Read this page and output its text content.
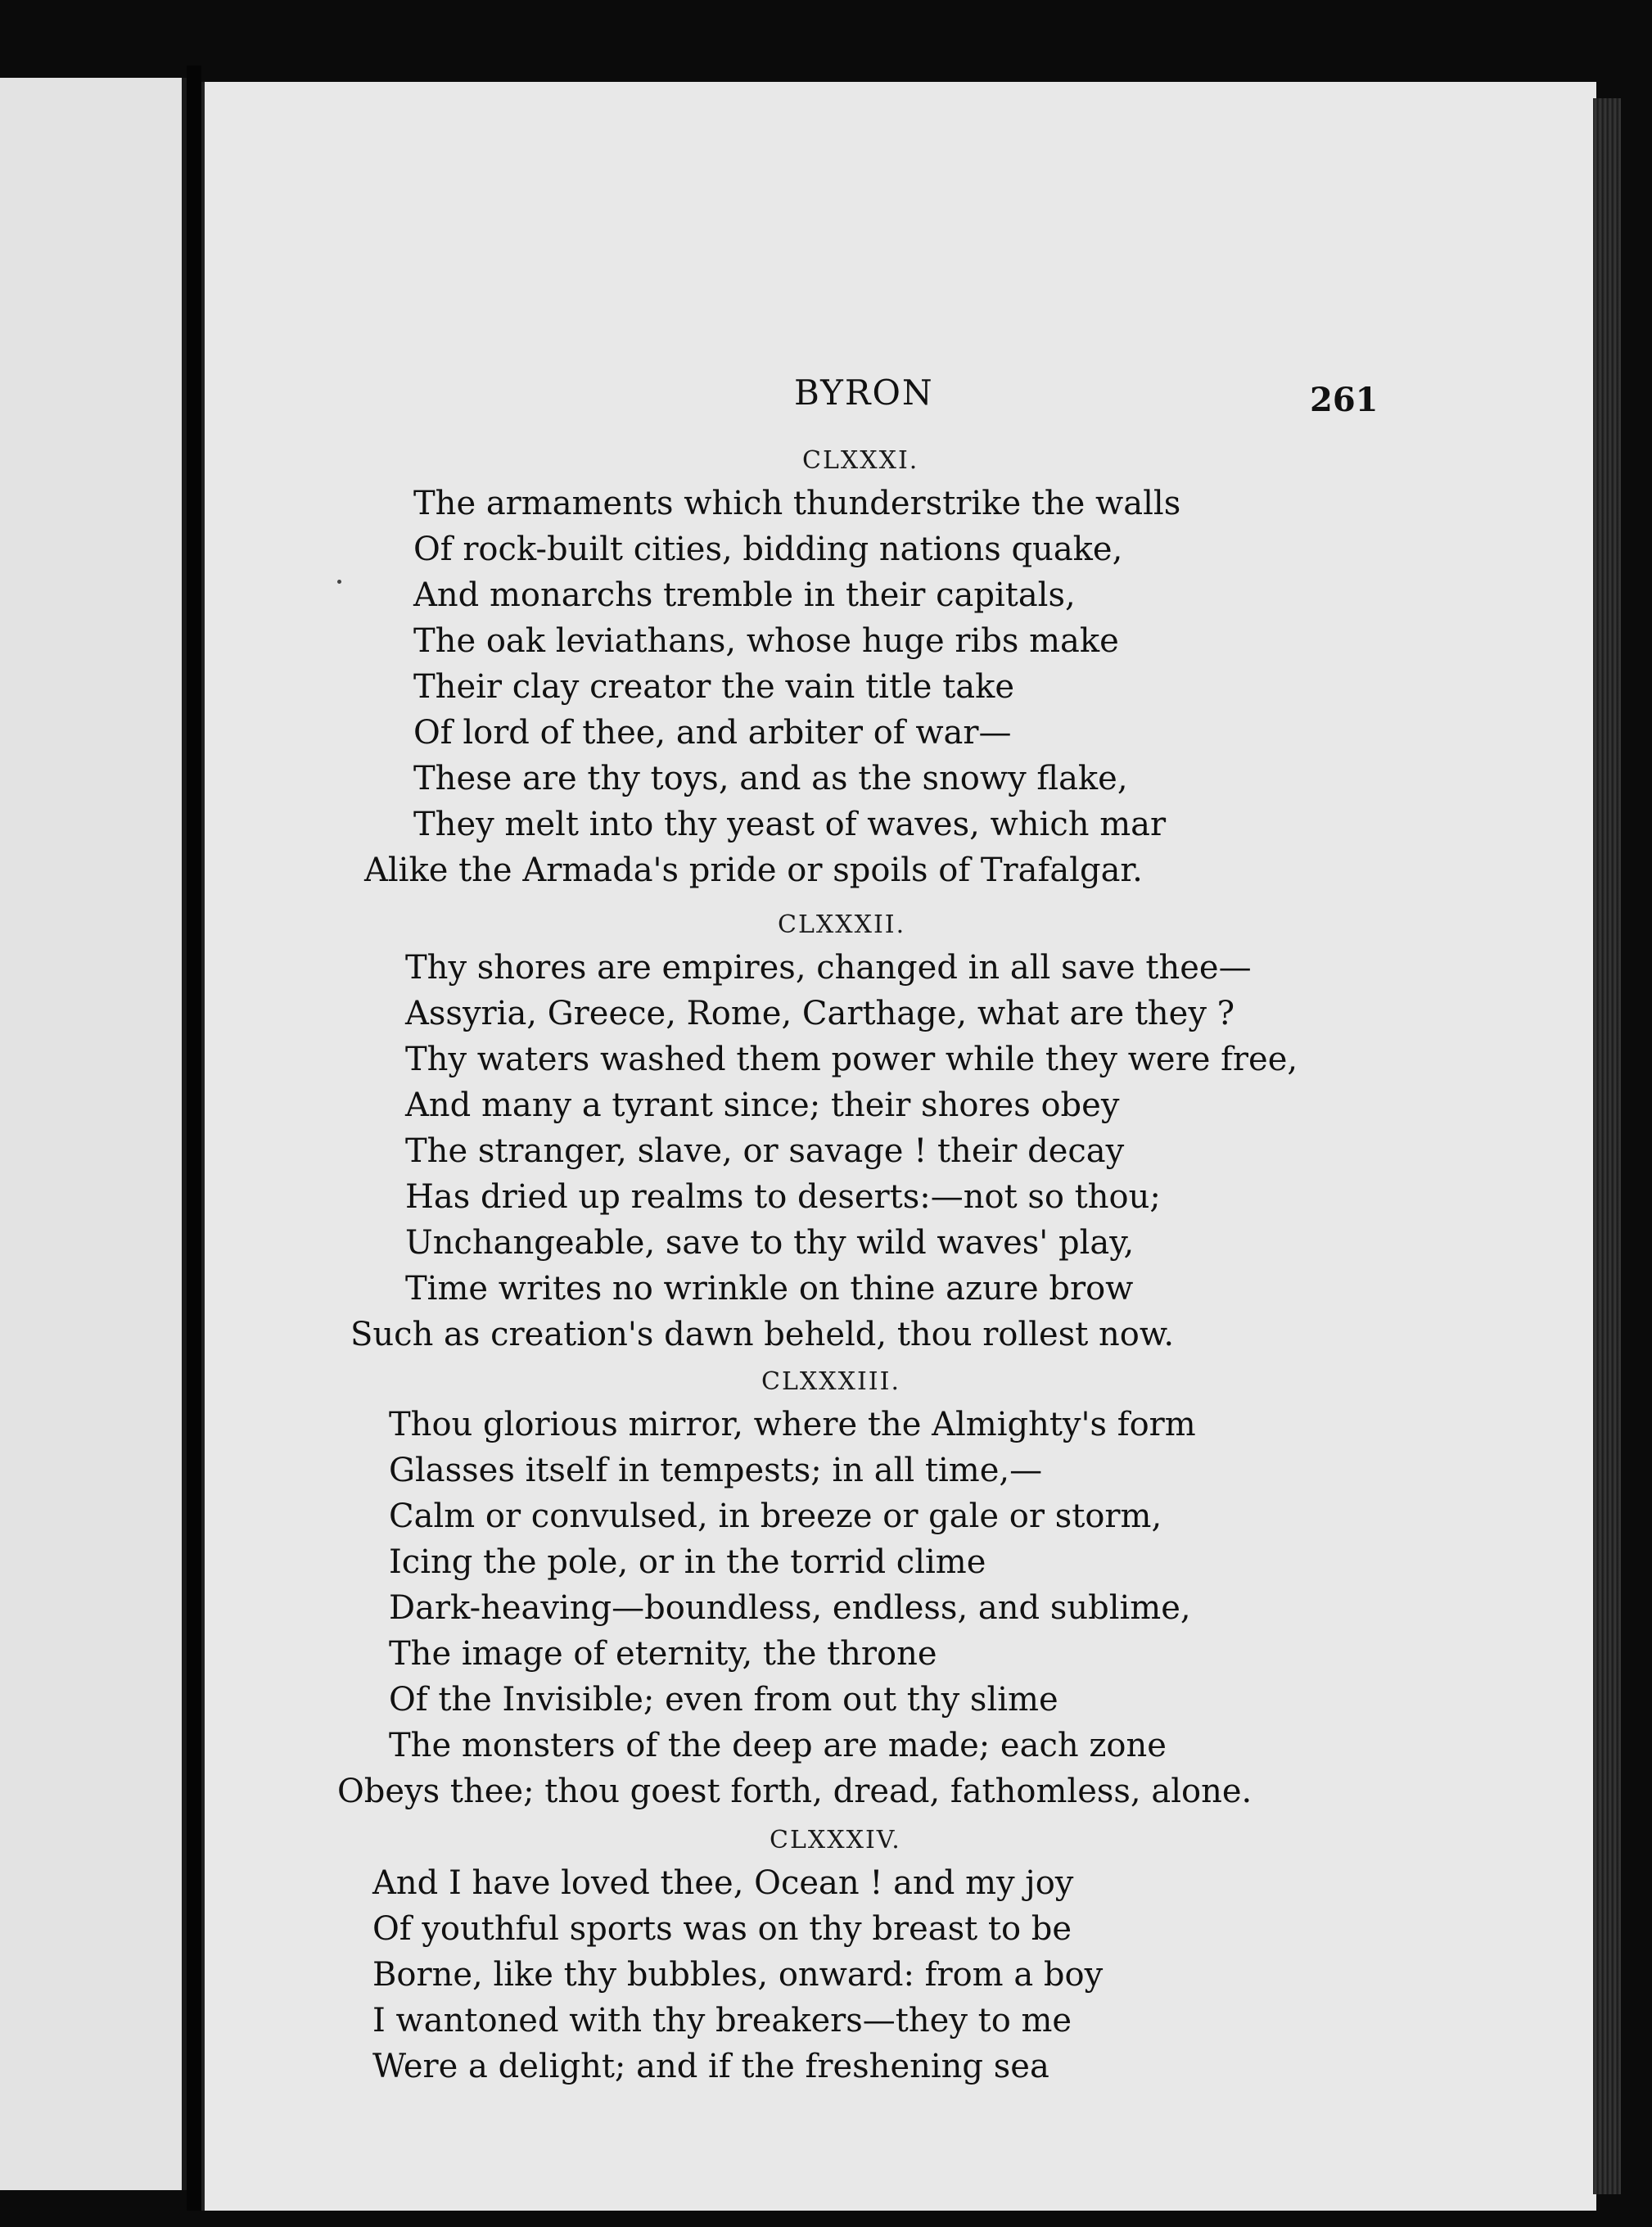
BYRON	261
CLXXXI.
The armaments which thunderstrike the walls
Of rock-built cities, bidding nations quake,
And monarchs tremble in their capitals,
The oak leviathans, whose huge ribs make
Their clay creator the vain title take
Of lord of thee, and arbiter of war—
These are thy toys, and as the snowy flake,
They melt into thy yeast of waves, which mar
Alike the Armada's pride or spoils of Trafalgar.
CLXXXII.
Thy shores are empires, changed in all save thee—
Assyria, Greece, Rome, Carthage, what are they ?
Thy waters washed them power while they were free,
And many a tyrant since; their shores obey
The stranger, slave, or savage ! their decay
Has dried up realms to deserts:—not so thou;
Unchangeable, save to thy wild waves' play,
Time writes no wrinkle on thine azure brow
Such as creation's dawn beheld, thou rollest now.
CLXXXIII.
Thou glorious mirror, where the Almighty's form
Glasses itself in tempests; in all time,—
Calm or convulsed, in breeze or gale or storm,
Icing the pole, or in the torrid clime
Dark-heaving—boundless, endless, and sublime,
The image of eternity, the throne
Of the Invisible; even from out thy slime
The monsters of the deep are made; each zone
Obeys thee; thou goest forth, dread, fathomless, alone.
CLXXXIV.
And I have loved thee, Ocean ! and my joy
Of youthful sports was on thy breast to be
Borne, like thy bubbles, onward: from a boy
I wantoned with thy breakers—they to me
Were a delight; and if the freshening sea
